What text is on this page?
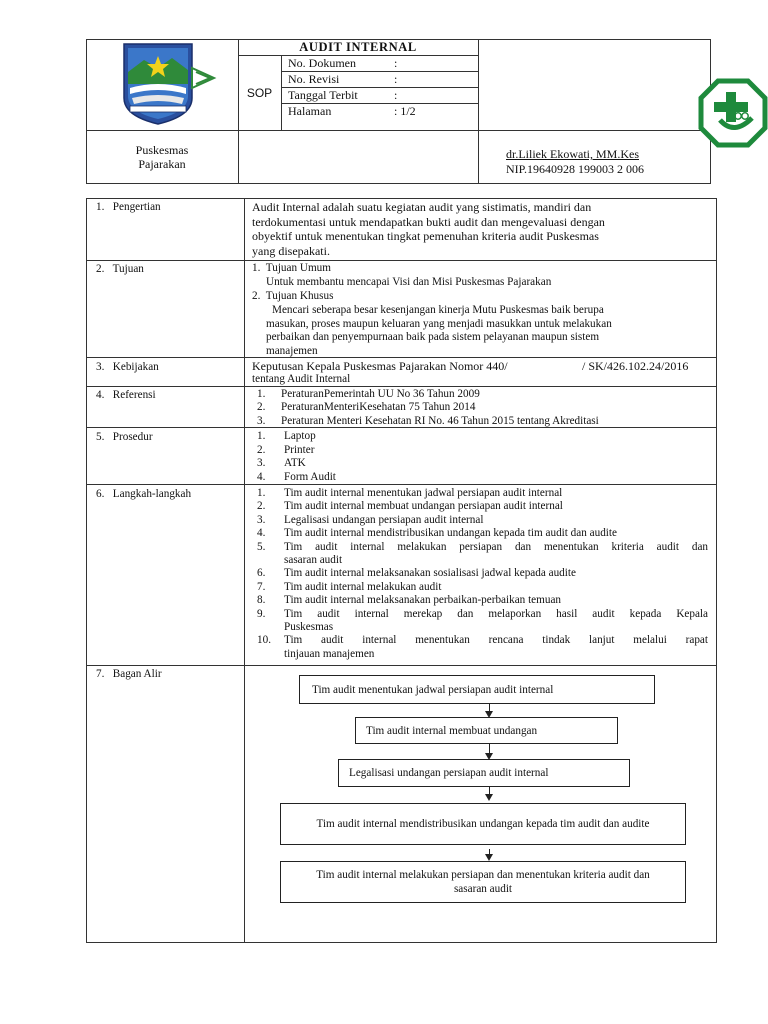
AUDIT INTERNAL
SOP
No. Dokumen	:
No. Revisi	:
Tanggal Terbit	:
Halaman	: 1/2
Puskesmas
Pajarakan
dr.Liliek Ekowati, MM.Kes
NIP.19640928 199003 2 006
1.   Pengertian	Audit Internal adalah suatu kegiatan audit yang sistimatis, mandiri dan
terdokumentasi untuk mendapatkan bukti audit dan mengevaluasi dengan
obyektif untuk menentukan tingkat pemenuhan kriteria audit Puskesmas
yang disepakati.
2.   Tujuan	1.  Tujuan Umum
Untuk membantu mencapai Visi dan Misi Puskesmas Pajarakan
2.  Tujuan Khusus
Mencari seberapa besar kesenjangan kinerja Mutu Puskesmas baik berupa
masukan, proses maupun keluaran yang menjadi masukkan untuk melakukan
perbaikan dan penyempurnaan baik pada sistem pelayanan maupun sistem
manajemen
3.   Kebijakan	Keputusan Kepala Puskesmas Pajarakan Nomor 440/	/ SK/426.102.24/2016
tentang Audit Internal
4.   Referensi	1. PeraturanPemerintah UU No 36 Tahun 2009
2. PeraturanMenteriKesehatan 75 Tahun 2014
3. Peraturan Menteri Kesehatan RI No. 46 Tahun 2015 tentang Akreditasi
5.   Prosedur	1. Laptop
2. Printer
3. ATK
4. Form Audit
6.   Langkah-langkah	1. Tim audit internal menentukan jadwal persiapan audit internal
2. Tim audit internal membuat undangan persiapan audit internal
3. Legalisasi undangan persiapan audit internal
4. Tim audit internal mendistribusikan undangan kepada tim audit dan audite
5. Tim audit internal melakukan persiapan dan menentukan kriteria audit dan
sasaran audit
6. Tim audit internal melaksanakan sosialisasi jadwal kepada audite
7. Tim audit internal melakukan audit
8. Tim audit internal melaksanakan perbaikan-perbaikan temuan
9. Tim audit internal merekap dan melaporkan hasil audit kepada Kepala
Puskesmas
10. Tim audit internal menentukan rencana tindak lanjut melalui rapat
tinjauan manajemen
7.   Bagan Alir
Tim audit menentukan jadwal persiapan audit internal
Tim audit internal membuat undangan
Legalisasi undangan persiapan audit internal
Tim audit internal mendistribusikan undangan kepada tim audit dan audite
Tim audit internal melakukan persiapan dan menentukan kriteria audit dan sasaran audit
